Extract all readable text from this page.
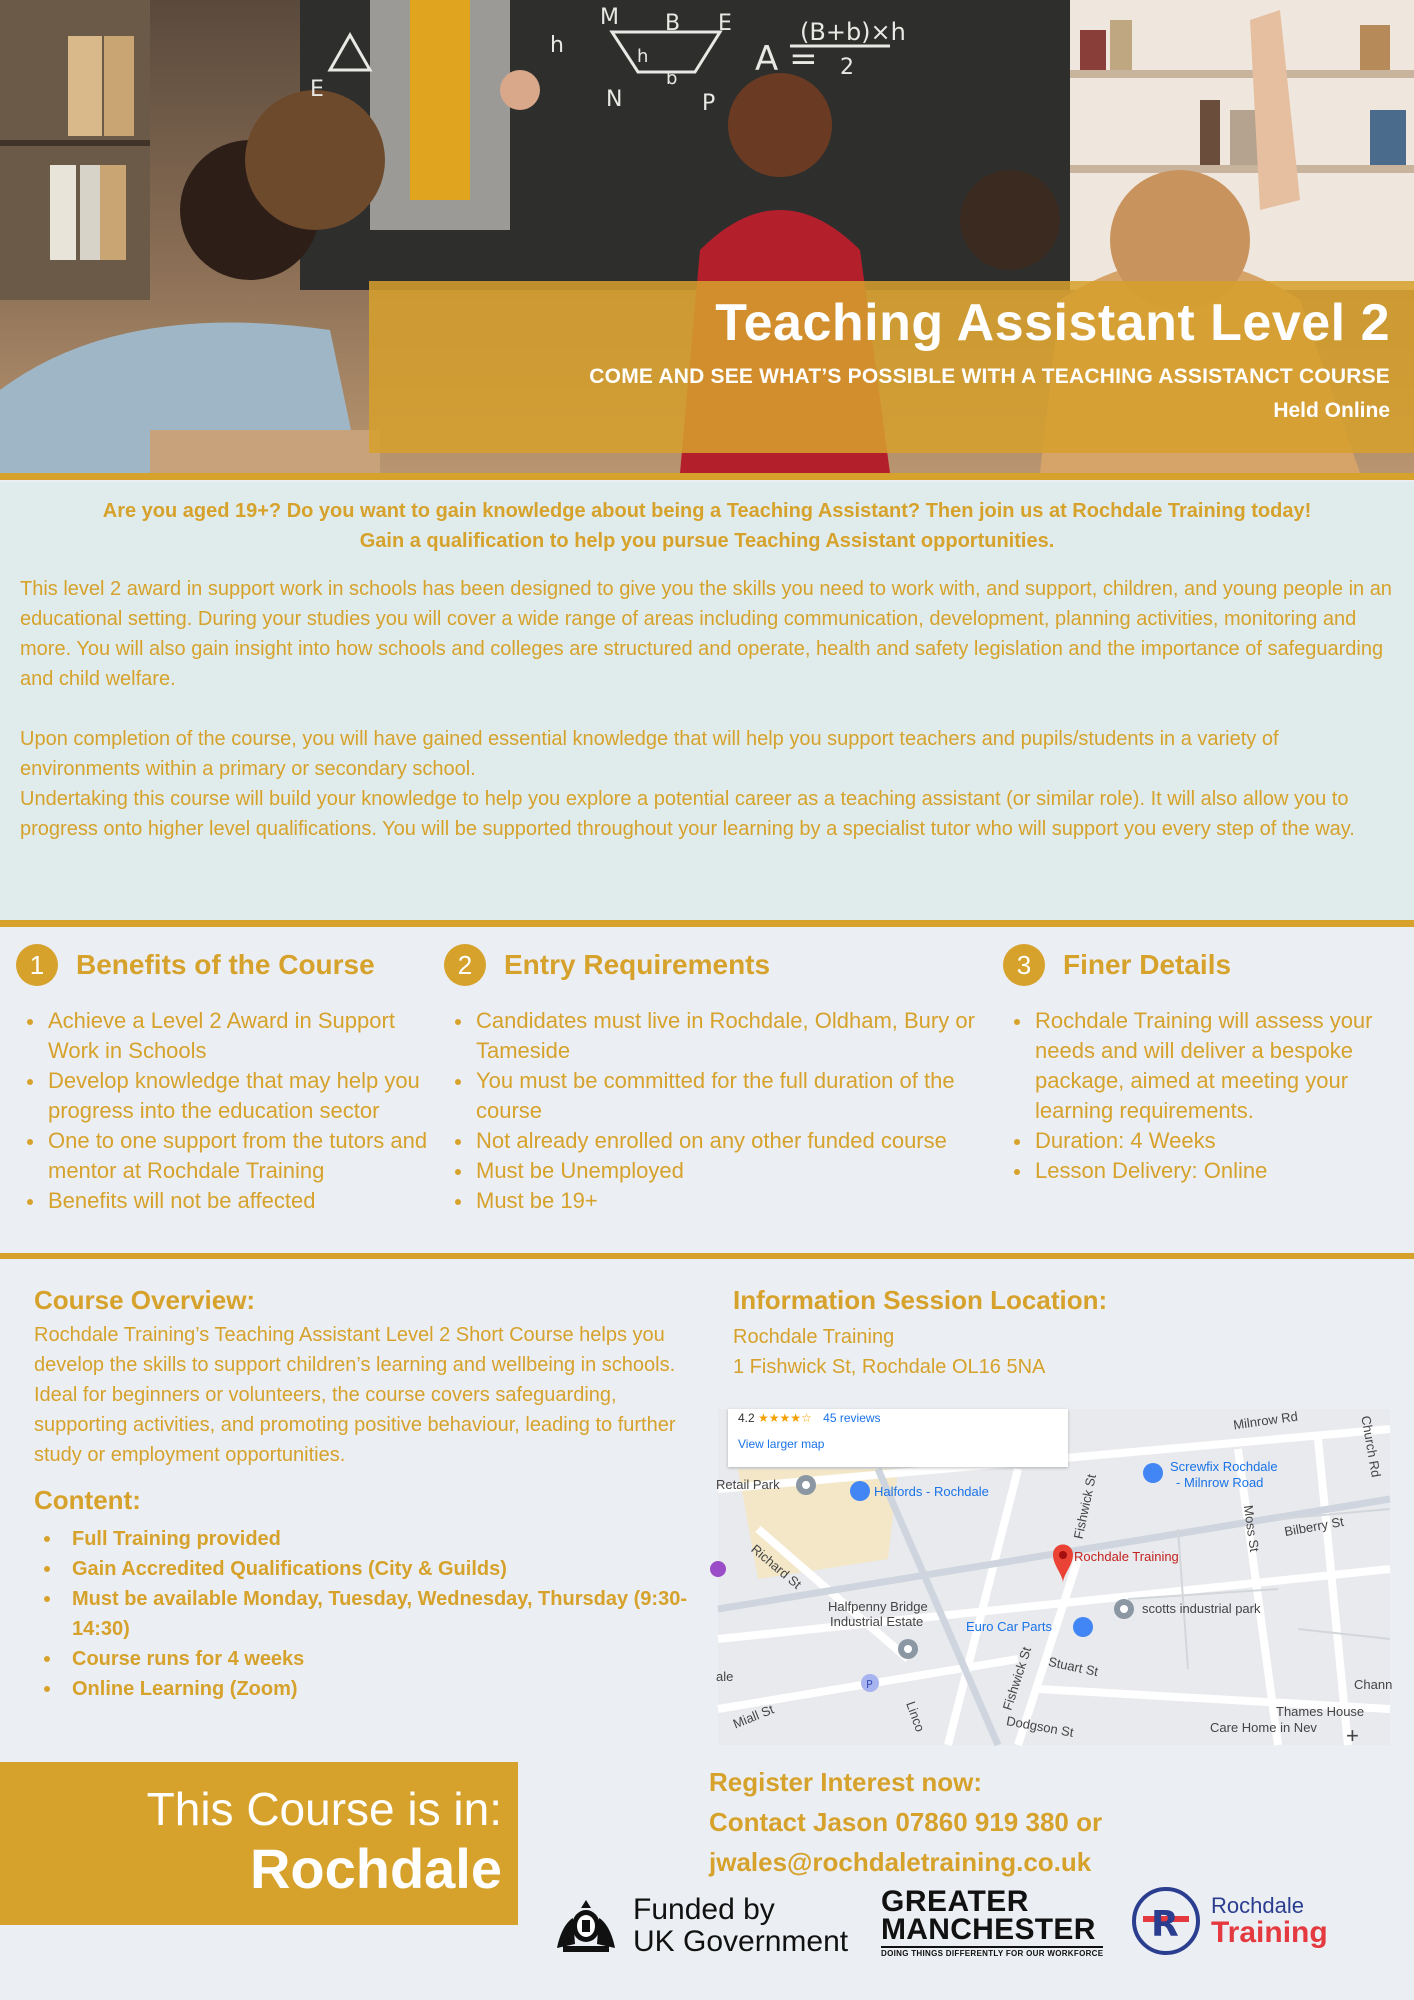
M B E
h	h
b
N	P
E
A =
(B+b)×h
2
Teaching Assistant Level 2
COME AND SEE WHAT’S POSSIBLE WITH A TEACHING ASSISTANCT COURSE
Held Online
Are you aged 19+? Do you want to gain knowledge about being a Teaching Assistant? Then join us at Rochdale Training today!
Gain a qualification to help you pursue Teaching Assistant opportunities.

This level 2 award in support work in schools has been designed to give you the skills you need to work with, and support, children, and young people in an educational setting. During your studies you will cover a wide range of areas including communication, development, planning activities, monitoring and more. You will also gain insight into how schools and colleges are structured and operate, health and safety legislation and the importance of safeguarding and child welfare.

Upon completion of the course, you will have gained essential knowledge that will help you support teachers and pupils/students in a variety of environments within a primary or secondary school.

Undertaking this course will build your knowledge to help you explore a potential career as a teaching assistant (or similar role). It will also allow you to progress onto higher level qualifications. You will be supported throughout your learning by a specialist tutor who will support you every step of the way.

1	Benefits of the Course
Achieve a Level 2 Award in Support Work in Schools
Develop knowledge that may help you progress into the education sector
One to one support from the tutors and mentor at Rochdale Training
Benefits will not be affected
2	Entry Requirements
Candidates must live in Rochdale, Oldham, Bury or Tameside
You must be committed for the full duration of the course
Not already enrolled on any other funded course
Must be Unemployed
Must be 19+
3	Finer Details
Rochdale Training will assess your needs and will deliver a bespoke package, aimed at meeting your learning requirements.
Duration: 4 Weeks
Lesson Delivery: Online
Course Overview:
Rochdale Training’s Teaching Assistant Level 2 Short Course helps you develop the skills to support children’s learning and wellbeing in schools. Ideal for beginners or volunteers, the course covers safeguarding, supporting activities, and promoting positive behaviour, leading to further study or employment opportunities.
Content:
Full Training provided
Gain Accredited Qualifications (City & Guilds)
Must be available Monday, Tuesday, Wednesday, Thursday (9:30-14:30)
Course runs for 4 weeks
Online Learning (Zoom)
Information Session Location:
Rochdale Training
1 Fishwick St, Rochdale OL16 5NA
P
4.2 ★★★★☆ 45 reviews
View larger map
Milnrow Rd	Church Rd
Retail Park	Halfords - Rochdale
Screwfix Rochdale
- Milnrow Road
Moss St Bilberry St
Fishwick St
Richard St	Rochdale Training
Halfpenny Bridge
Industrial Estate
scotts industrial park
Euro Car Parts
Stuart St
Fishwick St
ale
Chann
Thames House
Care Home in Nev
Miall St	Linco	Dodgson St	+
This Course is in:
Rochdale
Register Interest now:
Contact Jason 07860 919 380 or
jwales@rochdaletraining.co.uk
Funded by
UK Government
GREATER
MANCHESTER
DOING THINGS DIFFERENTLY FOR OUR WORKFORCE
R Rochdale
Training
